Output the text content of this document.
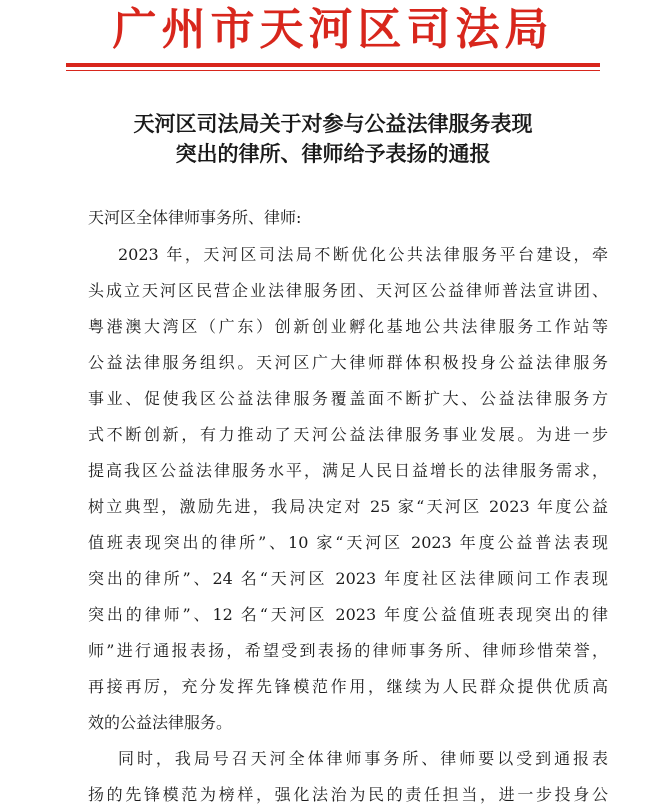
广州市天河区司法局
天河区司法局关于对参与公益法律服务表现
突出的律所、律师给予表扬的通报
天河区全体律师事务所、律师:
2023 年，天河区司法局不断优化公共法律服务平台建设，牵
头成立天河区民营企业法律服务团、天河区公益律师普法宣讲团、
粤港澳大湾区（广东）创新创业孵化基地公共法律服务工作站等
公益法律服务组织。天河区广大律师群体积极投身公益法律服务
事业、促使我区公益法律服务覆盖面不断扩大、公益法律服务方
式不断创新，有力推动了天河公益法律服务事业发展。为进一步
提高我区公益法律服务水平，满足人民日益增长的法律服务需求，
树立典型，激励先进，我局决定对 25 家“天河区 2023 年度公益
值班表现突出的律所”、10 家“天河区 2023 年度公益普法表现
突出的律所”、24 名“天河区 2023 年度社区法律顾问工作表现
突出的律师”、12 名“天河区 2023 年度公益值班表现突出的律
师”进行通报表扬，希望受到表扬的律师事务所、律师珍惜荣誉，
再接再厉，充分发挥先锋模范作用，继续为人民群众提供优质高
效的公益法律服务。
同时，我局号召天河全体律师事务所、律师要以受到通报表
扬的先锋模范为榜样，强化法治为民的责任担当，进一步投身公
